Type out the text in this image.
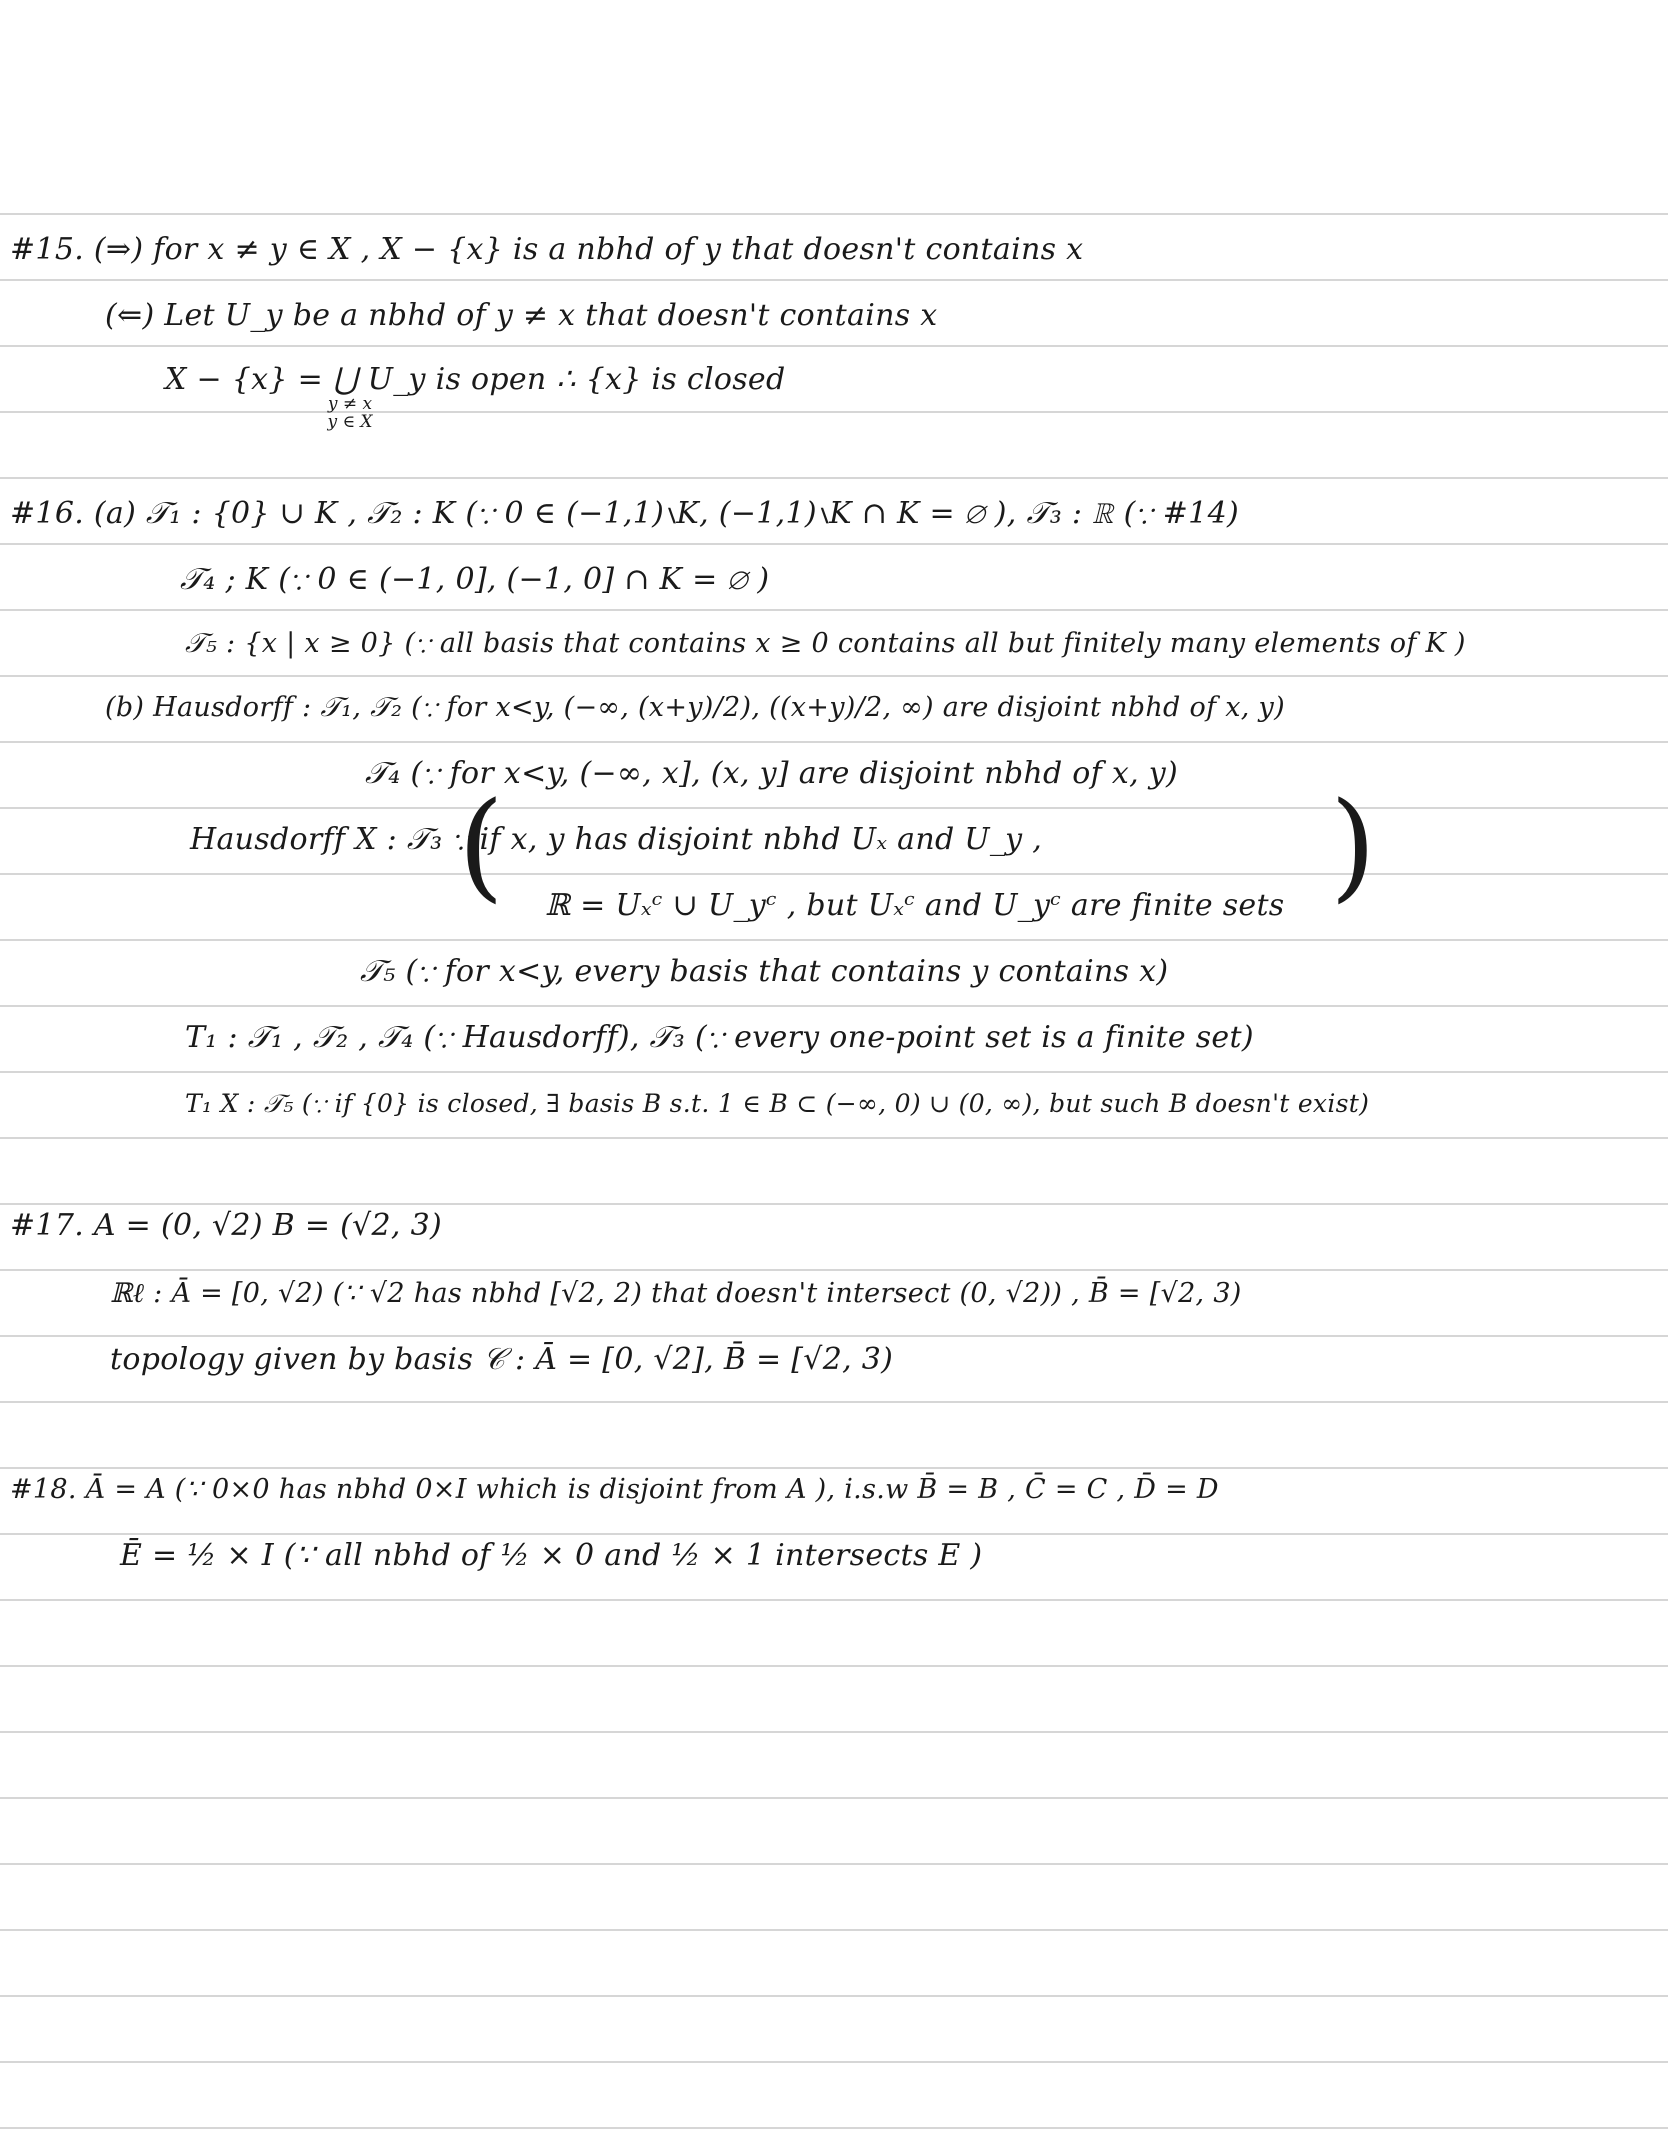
#15. (⇒) for x ≠ y ∈ X , X − {x} is a nbhd of y that doesn't contains x
(⇐) Let U_y be a nbhd of y ≠ x that doesn't contains x
X − {x} = ⋃ U_y is open ∴ {x} is closed
y ≠ x
y ∈ X
#16. (a) 𝒯₁ : {0} ∪ K , 𝒯₂ : K (∵ 0 ∈ (−1,1)∖K, (−1,1)∖K ∩ K = ∅ ), 𝒯₃ : ℝ (∵ #14)
𝒯₄ ; K (∵ 0 ∈ (−1, 0], (−1, 0] ∩ K = ∅ )
𝒯₅ : {x | x ≥ 0} (∵ all basis that contains x ≥ 0 contains all but finitely many elements of K )
(b) Hausdorff : 𝒯₁, 𝒯₂ (∵ for x<y, (−∞, (x+y)/2), ((x+y)/2, ∞) are disjoint nbhd of x, y)
𝒯₄ (∵ for x<y, (−∞, x], (x, y] are disjoint nbhd of x, y)
Hausdorff X : 𝒯₃ ∵ if x, y has disjoint nbhd Uₓ and U_y ,
( ℝ = Uₓᶜ ∪ U_yᶜ , but Uₓᶜ and U_yᶜ are finite sets )
𝒯₅ (∵ for x<y, every basis that contains y contains x)
T₁ : 𝒯₁ , 𝒯₂ , 𝒯₄ (∵ Hausdorff), 𝒯₃ (∵ every one-point set is a finite set)
T₁ X : 𝒯₅ (∵ if {0} is closed, ∃ basis B s.t. 1 ∈ B ⊂ (−∞, 0) ∪ (0, ∞), but such B doesn't exist)
#17. A = (0, √2) B = (√2, 3)
ℝℓ : Ā = [0, √2) (∵ √2 has nbhd [√2, 2) that doesn't intersect (0, √2)) , B̄ = [√2, 3)
topology given by basis 𝒞 : Ā = [0, √2], B̄ = [√2, 3)
#18. Ā = A (∵ 0×0 has nbhd 0×I which is disjoint from A ), i.s.w B̄ = B , C̄ = C , D̄ = D
Ē = ½ × I (∵ all nbhd of ½ × 0 and ½ × 1 intersects E )
